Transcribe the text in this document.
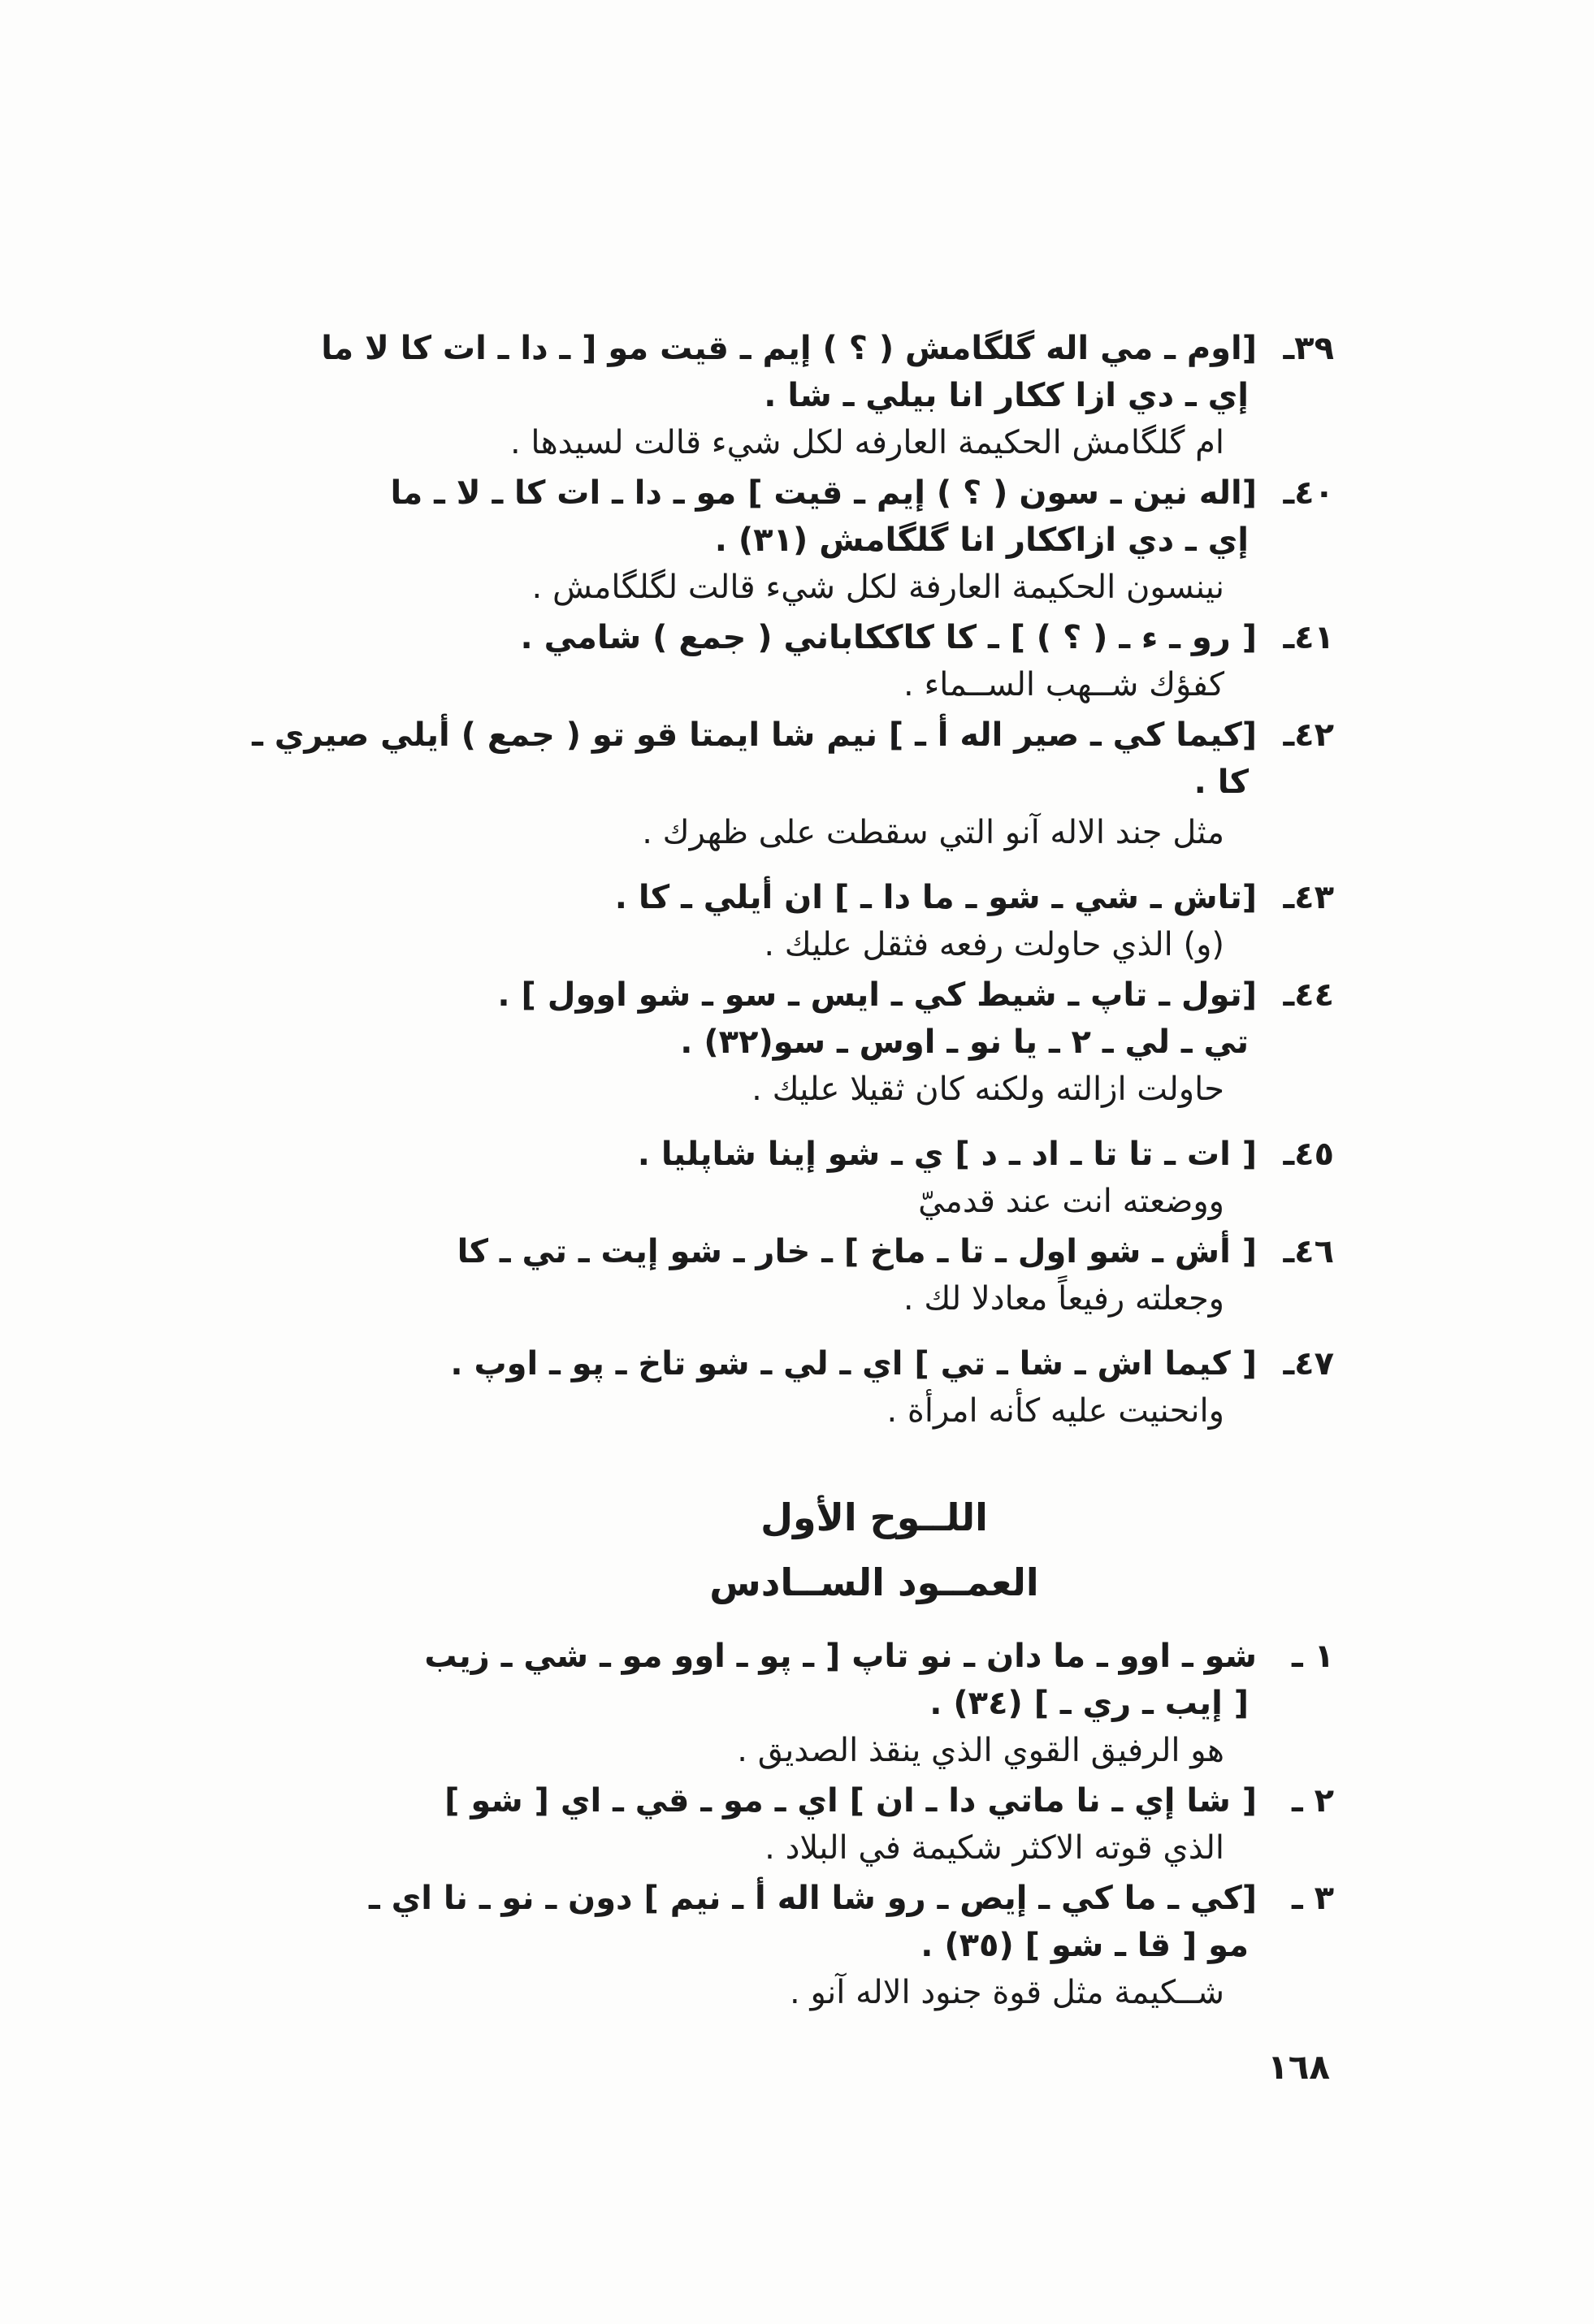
٣٩ـ
[اوم ـ مي اله گلگامش ( ؟ ) إيم ـ قيت مو [ ـ دا ـ ات كا لا ما
إي ـ دي ازا ككار انا بيلي ـ شا .
ام گلگامش الحكيمة العارفه لكل شيء قالت لسيدها .
٤٠ـ
[اله نين ـ سون ( ؟ ) إيم ـ قيت ] مو ـ دا ـ ات كا ـ لا ـ ما
إي ـ دي ازاككار انا گلگامش (٣١) .
نينسون الحكيمة العارفة لكل شيء قالت لگلگامش .
٤١ـ
[ رو ـ ء ـ ( ؟ ) ] ـ كا كاككاباني ( جمع ) شامي .
كفؤك شــهب الســماء .
٤٢ـ
[كيما كي ـ صير اله أ ـ ] نيم شا ايمتا قو تو ( جمع ) أيلي صيري ـ
كا .
مثل جند الاله آنو التي سقطت على ظهرك .
٤٣ـ
[تاش ـ شي ـ شو ـ ما دا ـ ] ان أيلي ـ كا .
(و) الذي حاولت رفعه فثقل عليك .
٤٤ـ
[تول ـ تاپ ـ شيط كي ـ ايس ـ سو ـ شو اوول ] .
تي ـ لي ـ ٢ ـ يا نو ـ اوس ـ سو(٣٢) .
حاولت ازالته ولكنه كان ثقيلا عليك .
٤٥ـ
[ ات ـ تا تا ـ اد ـ د ] ي ـ شو إينا شاپليا .
ووضعته انت عند قدميّ
٤٦ـ
[ أش ـ شو اول ـ تا ـ ماخ ] ـ خار ـ شو إيت ـ تي ـ كا
وجعلته رفيعاً معادلا لك .
٤٧ـ
[ كيما اش ـ شا ـ تي ] اي ـ لي ـ شو تاخ ـ پو ـ اوپ .
وانحنيت عليه كأنه امرأة .
اللــوح الأول
العمــود الســادس
١ ـ
شو ـ اوو ـ ما دان ـ نو تاپ [ ـ پو ـ اوو مو ـ شي ـ زيب
[ إيب ـ ري ـ ] (٣٤) .
هو الرفيق القوي الذي ينقذ الصديق .
٢ ـ
[ شا إي ـ نا ماتي دا ـ ان ] اي ـ مو ـ قي ـ اي [ شو ]
الذي قوته الاكثر شكيمة في البلاد .
٣ ـ
[كي ـ ما كي ـ إيص ـ رو شا اله أ ـ نيم ] دون ـ نو ـ نا اي ـ
مو [ قا ـ شو ] (٣٥) .
شــكيمة مثل قوة جنود الاله آنو .
١٦٨
